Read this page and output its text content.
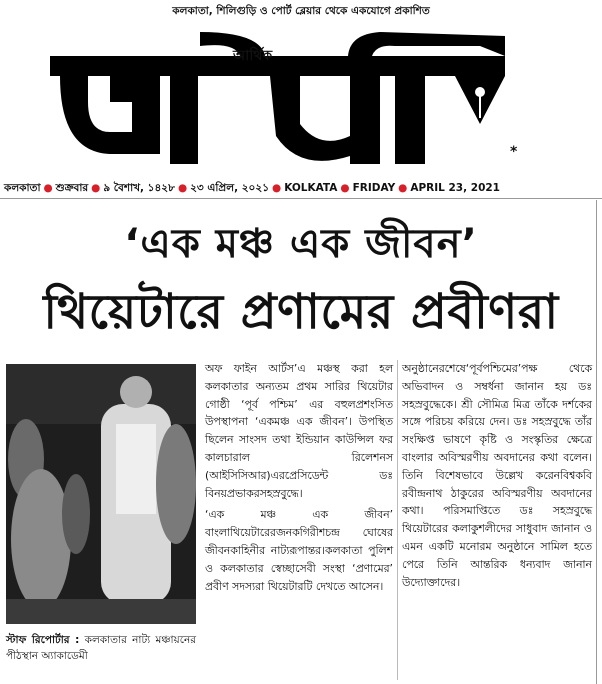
কলকাতা, শিলিগুড়ি ও পোর্ট ব্লেয়ার থেকে একযোগে প্রকাশিত
আর্থিক
*
কলকাতা ● শুক্রবার ● ৯ বৈশাখ, ১৪২৮ ● ২৩ এপ্রিল, ২০২১ ● KOLKATA ● FRIDAY ● APRIL 23, 2021
‘এক মঞ্চ এক জীবন’
থিয়েটারে প্রণামের প্রবীণরা
স্টাফ রিপোর্টার : কলকাতার নাট্য মঞ্চায়নের পীঠস্থান অ্যাকাডেমী

অফ ফাইন আর্টস’এ মঞ্চস্থ করা হল কলকাতার অন্যতম প্রথম সারির থিয়েটার গোষ্ঠী ‘পূর্ব পশ্চিম’ এর বহুলপ্রশংসিত উপস্থাপনা ‘একমঞ্চ এক জীবন’। উপস্থিত ছিলেন সাংসদ তথা ইন্ডিয়ান কাউন্সিল ফর কালচারাল রিলেশনস (আইসিসিআর)এরপ্রেসিডেন্ট ডঃ বিনয়প্রভাকরসহস্রবুদ্ধে।

‘এক মঞ্চ এক জীবন’ বাংলাথিয়েটারেরজনকগিরীশচন্দ্র ঘোষের জীবনকাহিনীর নাট্যরূপান্তর।কলকাতা পুলিশ ও কলকাতার স্বেচ্ছাসেবী সংস্থা ‘প্রণামের’ প্রবীণ সদস্যরা থিয়েটারটি দেখতে আসেন।

অনুষ্ঠানেরশেষে‘পূর্বপশ্চিমের’পক্ষ থেকে অভিবাদন ও সম্বর্ধনা জানান হয় ডঃ সহস্রবুদ্ধেকে। শ্রী সৌমিত্র মিত্র তাঁকে দর্শকের সঙ্গে পরিচয় করিয়ে দেন। ডঃ সহস্রবুদ্ধে তাঁর সংক্ষিপ্ত ভাষণে কৃষ্টি ও সংস্কৃতির ক্ষেত্রে বাংলার অবিস্মরণীয় অবদানের কথা বলেন। তিনি বিশেষভাবে উল্লেখ করেনবিশ্বকবি রবীন্দ্রনাথ ঠাকুরের অবিস্মরণীয় অবদানের কথা। পরিসমাপ্তিতে ডঃ সহস্রবুদ্ধে থিয়েটারের কলাকুশলীদের সাধুবাদ জানান ও এমন একটি মনোরম অনুষ্ঠানে সামিল হতে পেরে তিনি আন্তরিক ধন্যবাদ জানান উদ্যোক্তাদের।
